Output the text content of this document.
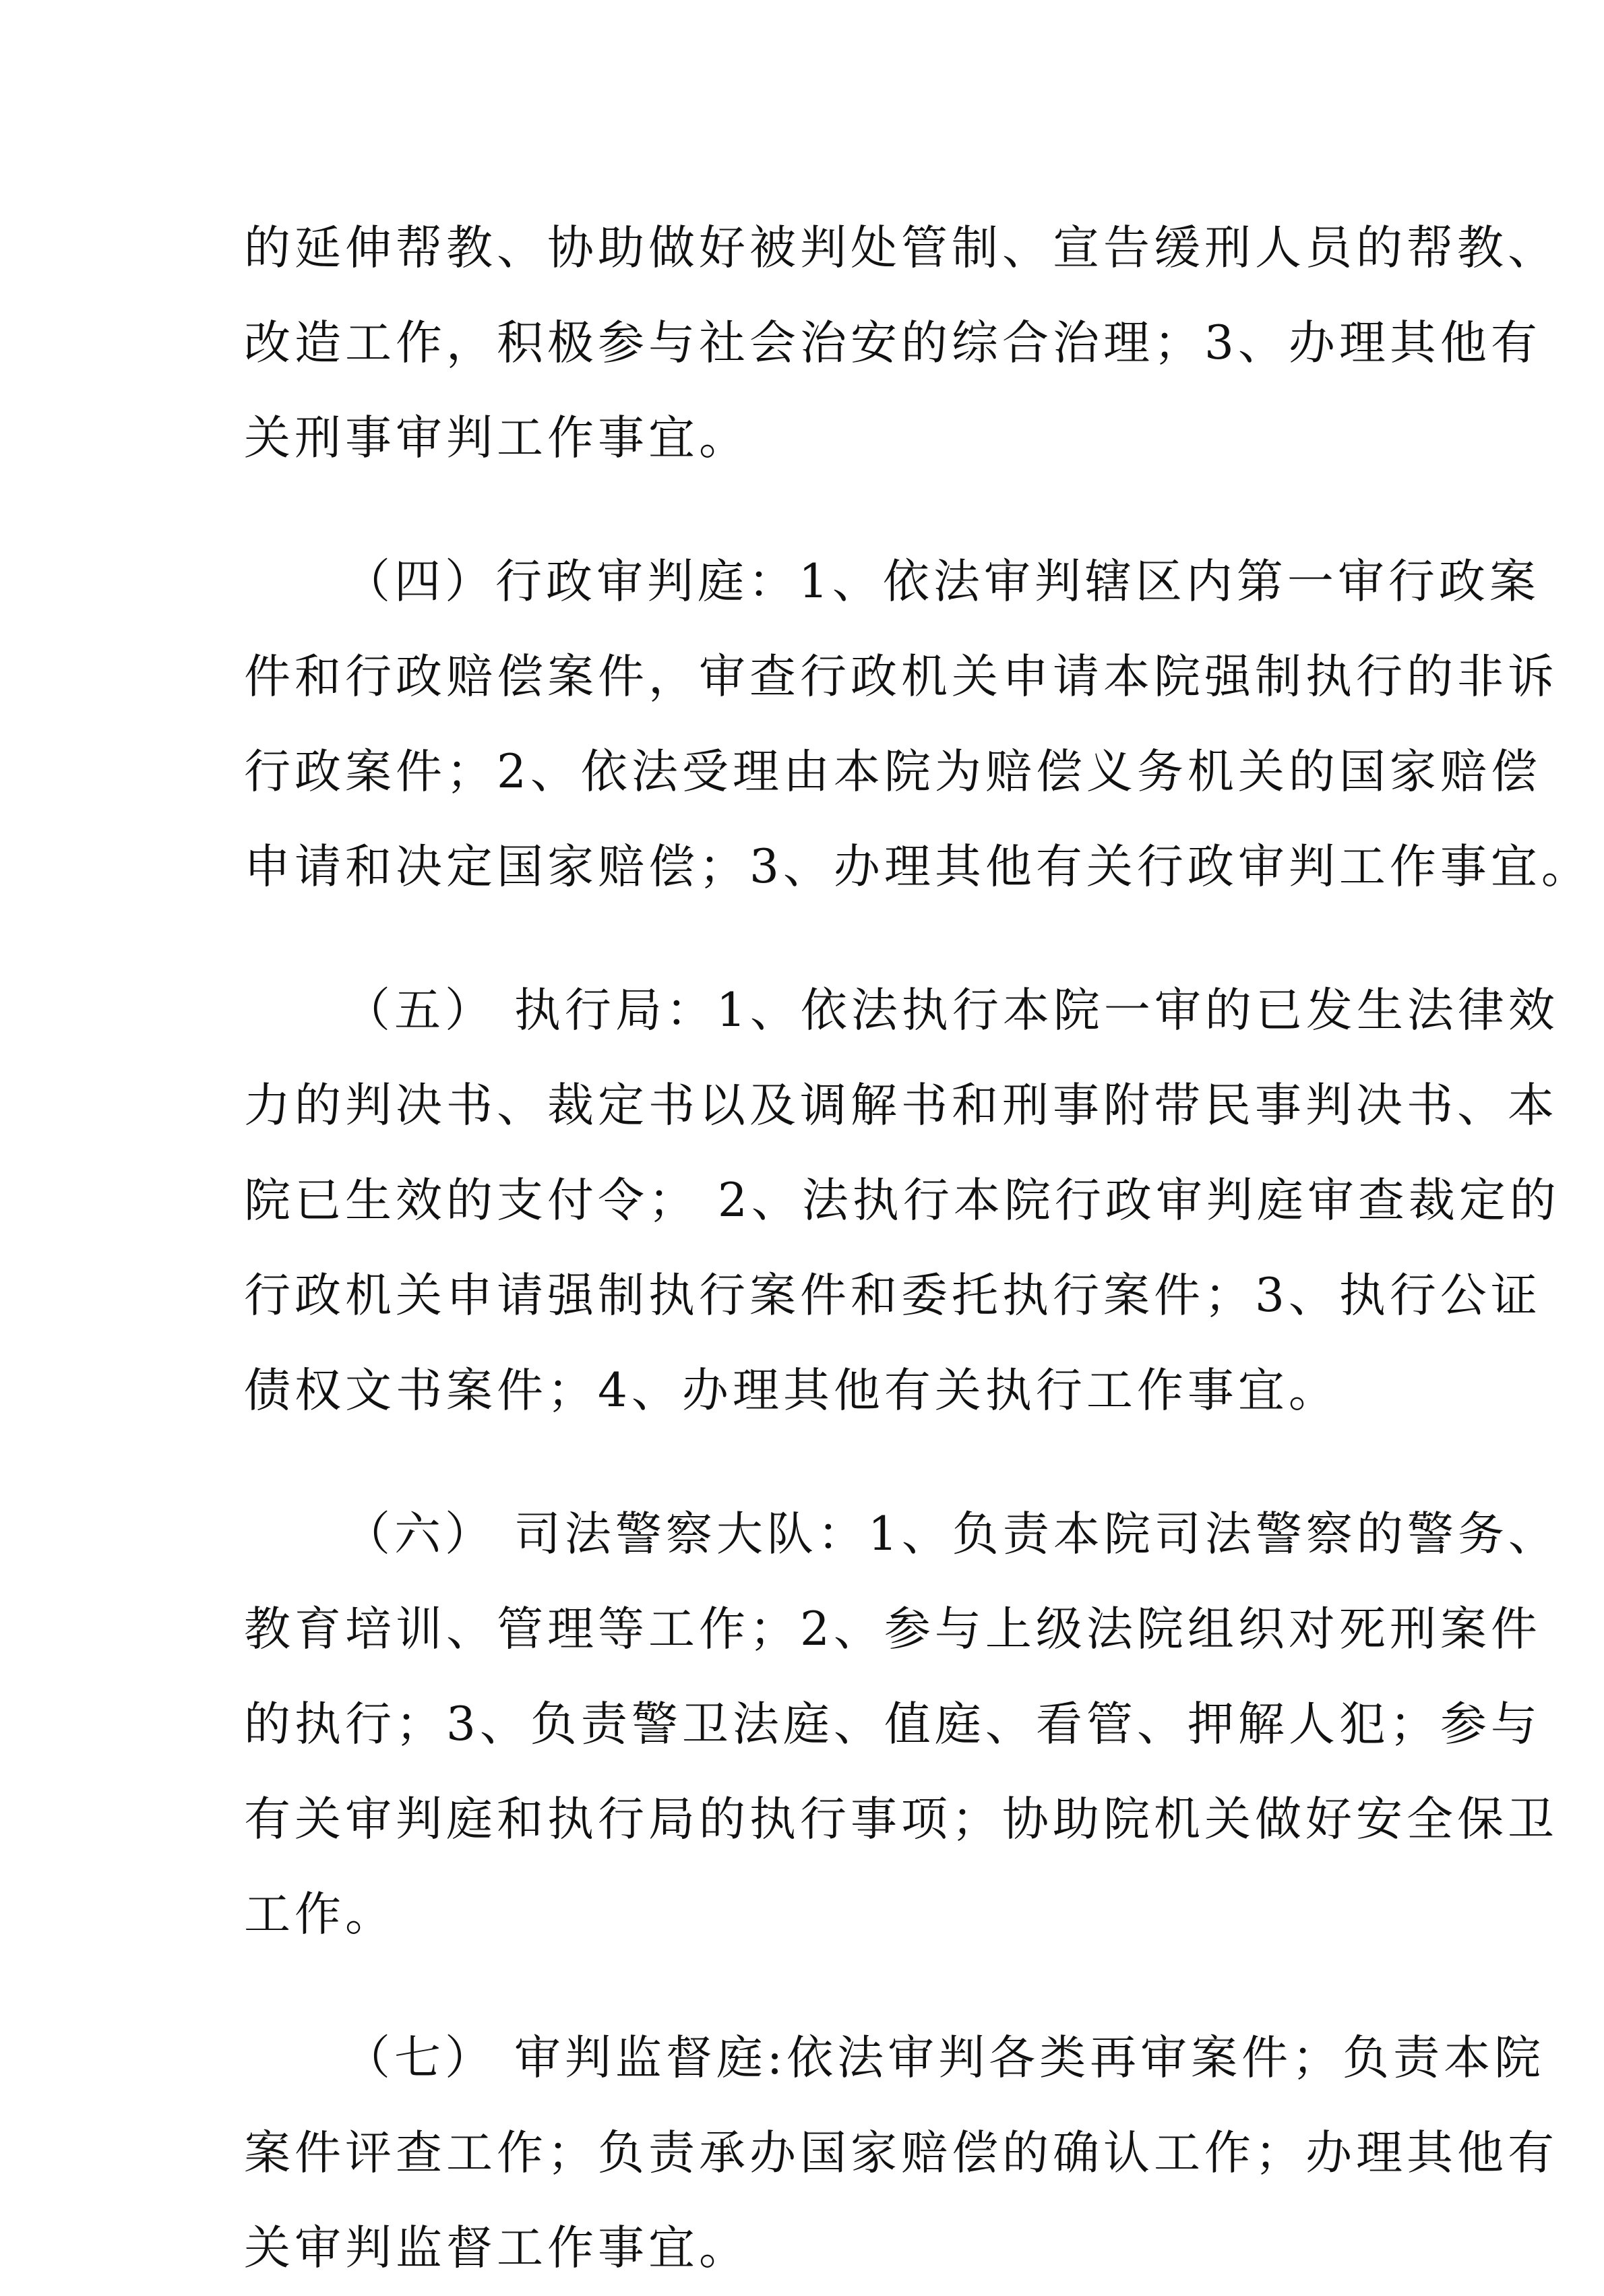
的延伸帮教、协助做好被判处管制、宣告缓刑人员的帮教、
改造工作，积极参与社会治安的综合治理；3、办理其他有
关刑事审判工作事宜。
（四）行政审判庭：1、依法审判辖区内第一审行政案
件和行政赔偿案件，审查行政机关申请本院强制执行的非诉
行政案件；2、依法受理由本院为赔偿义务机关的国家赔偿
申请和决定国家赔偿；3、办理其他有关行政审判工作事宜。
（五） 执行局：1、依法执行本院一审的已发生法律效
力的判决书、裁定书以及调解书和刑事附带民事判决书、本
院已生效的支付令； 2、法执行本院行政审判庭审查裁定的
行政机关申请强制执行案件和委托执行案件；3、执行公证
债权文书案件；4、办理其他有关执行工作事宜。
（六） 司法警察大队：1、负责本院司法警察的警务、
教育培训、管理等工作；2、参与上级法院组织对死刑案件
的执行；3、负责警卫法庭、值庭、看管、押解人犯；参与
有关审判庭和执行局的执行事项；协助院机关做好安全保卫
工作。
（七） 审判监督庭:依法审判各类再审案件；负责本院
案件评查工作；负责承办国家赔偿的确认工作；办理其他有
关审判监督工作事宜。
